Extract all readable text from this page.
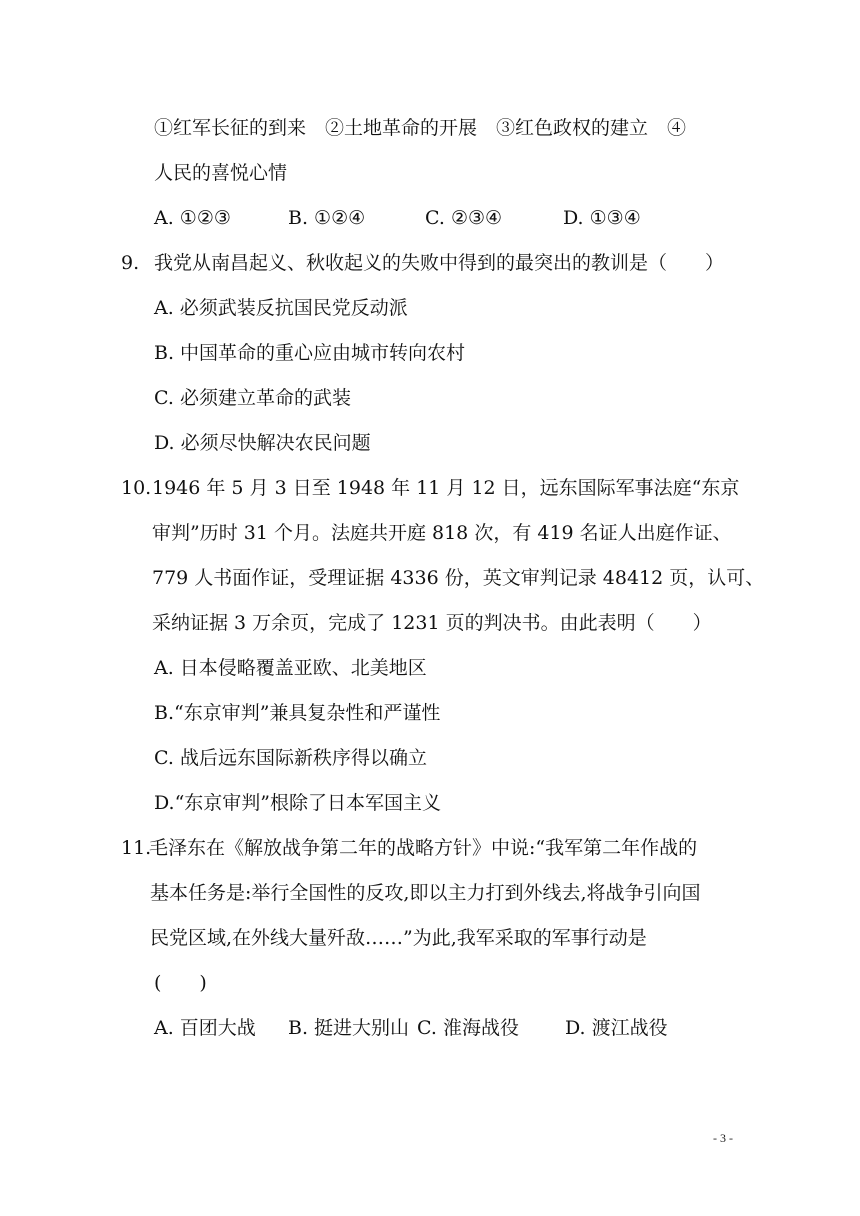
①红军长征的到来　②土地革命的开展　③红色政权的建立　④
人民的喜悦心情
A. ①②③	B. ①②④	C. ②③④	D. ①③④
9. 我党从南昌起义、秋收起义的失败中得到的最突出的教训是（　　）
A. 必须武装反抗国民党反动派
B. 中国革命的重心应由城市转向农村
C. 必须建立革命的武装
D. 必须尽快解决农民问题
10.1946 年 5 月 3 日至 1948 年 11 月 12 日，远东国际军事法庭“东京
审判”历时 31 个月。法庭共开庭 818 次，有 419 名证人出庭作证、
779 人书面作证，受理证据 4336 份，英文审判记录 48412 页，认可、
采纳证据 3 万余页，完成了 1231 页的判决书。由此表明（　　）
A. 日本侵略覆盖亚欧、北美地区
B.“东京审判”兼具复杂性和严谨性
C. 战后远东国际新秩序得以确立
D.“东京审判”根除了日本军国主义
11.毛泽东在《解放战争第二年的战略方针》中说:“我军第二年作战的
基本任务是:举行全国性的反攻,即以主力打到外线去,将战争引向国
民党区域,在外线大量歼敌……”为此,我军采取的军事行动是
(　　)
A. 百团大战 B. 挺进大别山 C. 淮海战役 D. 渡江战役
- 3 -
